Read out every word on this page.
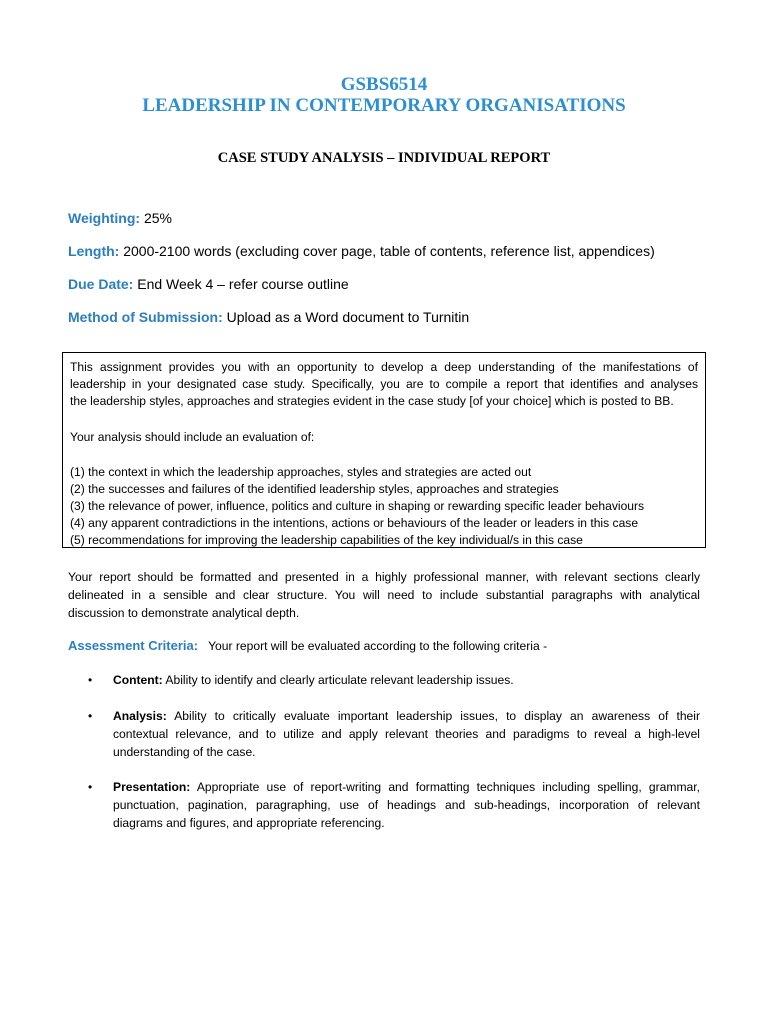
GSBS6514
LEADERSHIP IN CONTEMPORARY ORGANISATIONS
CASE STUDY ANALYSIS – INDIVIDUAL REPORT
Weighting: 25%
Length: 2000-2100 words (excluding cover page, table of contents, reference list, appendices)
Due Date: End Week 4 – refer course outline
Method of Submission: Upload as a Word document to Turnitin
This assignment provides you with an opportunity to develop a deep understanding of the manifestations of
leadership in your designated case study. Specifically, you are to compile a report that identifies and analyses
the leadership styles, approaches and strategies evident in the case study [of your choice] which is posted to BB.
Your analysis should include an evaluation of:
(1) the context in which the leadership approaches, styles and strategies are acted out
(2) the successes and failures of the identified leadership styles, approaches and strategies
(3) the relevance of power, influence, politics and culture in shaping or rewarding specific leader behaviours
(4) any apparent contradictions in the intentions, actions or behaviours of the leader or leaders in this case
(5) recommendations for improving the leadership capabilities of the key individual/s in this case
Your report should be formatted and presented in a highly professional manner, with relevant sections clearly
delineated in a sensible and clear structure. You will need to include substantial paragraphs with analytical
discussion to demonstrate analytical depth.
Assessment Criteria: Your report will be evaluated according to the following criteria -
• Content: Ability to identify and clearly articulate relevant leadership issues.
• Analysis: Ability to critically evaluate important leadership issues, to display an awareness of their
contextual relevance, and to utilize and apply relevant theories and paradigms to reveal a high-level
understanding of the case.
• Presentation: Appropriate use of report-writing and formatting techniques including spelling, grammar,
punctuation, pagination, paragraphing, use of headings and sub-headings, incorporation of relevant
diagrams and figures, and appropriate referencing.
